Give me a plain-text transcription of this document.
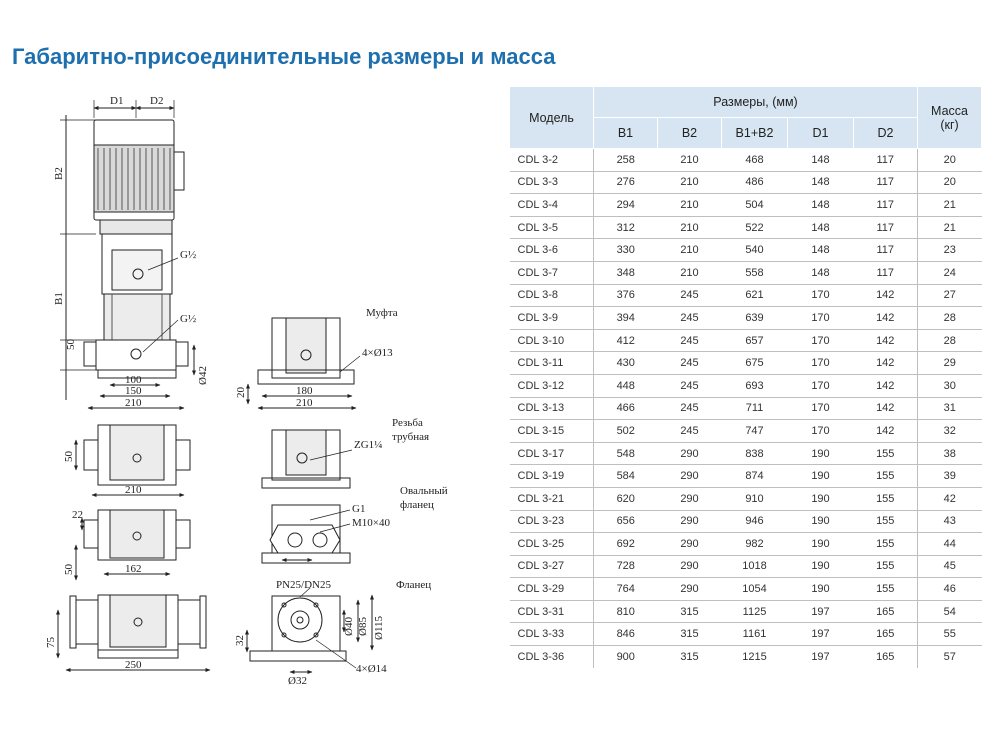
Габаритно-присоединительные размеры и масса
D1 D2
B2
B1
G½
G½
50
100
150
210
Ø42
50
210
22
50	162
75
250
Муфта
4×Ø13
20	180
210
Резьба
трубная
ZG1¼
Овальный
фланец
G1
M10×40
Фланец
PN25/DN25
32
Ø32
Ø40 Ø85 Ø115
4×Ø14
Модель	Размеры, (мм)					Масса
(кг)
	B1	B2	B1+B2	D1	D2	
CDL 3-2	258	210	468	148	117	20
CDL 3-3	276	210	486	148	117	20
CDL 3-4	294	210	504	148	117	21
CDL 3-5	312	210	522	148	117	21
CDL 3-6	330	210	540	148	117	23
CDL 3-7	348	210	558	148	117	24
CDL 3-8	376	245	621	170	142	27
CDL 3-9	394	245	639	170	142	28
CDL 3-10	412	245	657	170	142	28
CDL 3-11	430	245	675	170	142	29
CDL 3-12	448	245	693	170	142	30
CDL 3-13	466	245	711	170	142	31
CDL 3-15	502	245	747	170	142	32
CDL 3-17	548	290	838	190	155	38
CDL 3-19	584	290	874	190	155	39
CDL 3-21	620	290	910	190	155	42
CDL 3-23	656	290	946	190	155	43
CDL 3-25	692	290	982	190	155	44
CDL 3-27	728	290	1018	190	155	45
CDL 3-29	764	290	1054	190	155	46
CDL 3-31	810	315	1125	197	165	54
CDL 3-33	846	315	1161	197	165	55
CDL 3-36	900	315	1215	197	165	57
